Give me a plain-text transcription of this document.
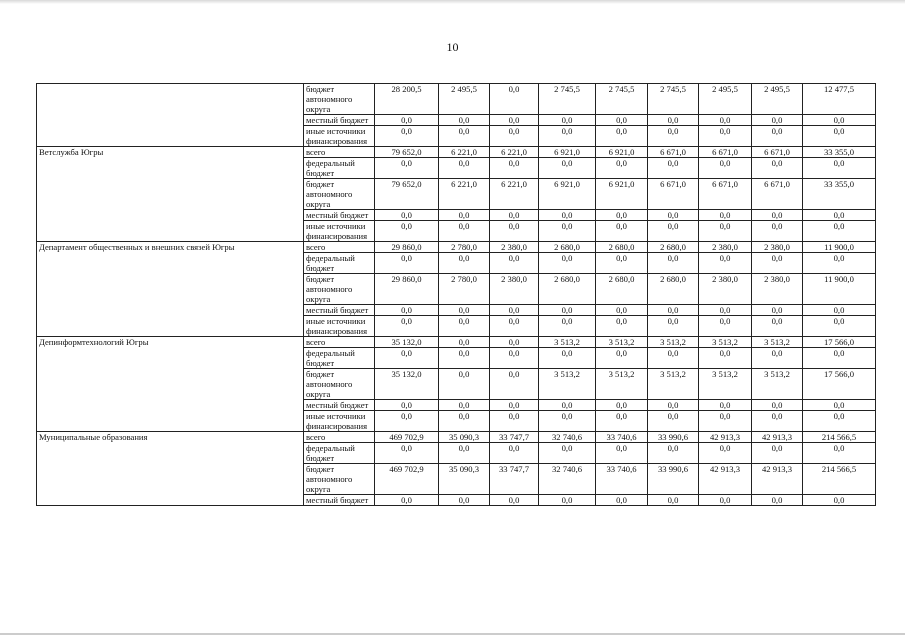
10
	бюджет автономного округа	28 200,5	2 495,5	0,0	2 745,5	2 745,5	2 745,5	2 495,5	2 495,5	12 477,5
	местный бюджет	0,0	0,0	0,0	0,0	0,0	0,0	0,0	0,0	0,0
	иные источники финансирования	0,0	0,0	0,0	0,0	0,0	0,0	0,0	0,0	0,0
Ветслужба Югры	всего	79 652,0	6 221,0	6 221,0	6 921,0	6 921,0	6 671,0	6 671,0	6 671,0	33 355,0
	федеральный бюджет	0,0	0,0	0,0	0,0	0,0	0,0	0,0	0,0	0,0
	бюджет автономного округа	79 652,0	6 221,0	6 221,0	6 921,0	6 921,0	6 671,0	6 671,0	6 671,0	33 355,0
	местный бюджет	0,0	0,0	0,0	0,0	0,0	0,0	0,0	0,0	0,0
	иные источники финансирования	0,0	0,0	0,0	0,0	0,0	0,0	0,0	0,0	0,0
Департамент общественных и внешних связей Югры	всего	29 860,0	2 780,0	2 380,0	2 680,0	2 680,0	2 680,0	2 380,0	2 380,0	11 900,0
	федеральный бюджет	0,0	0,0	0,0	0,0	0,0	0,0	0,0	0,0	0,0
	бюджет автономного округа	29 860,0	2 780,0	2 380,0	2 680,0	2 680,0	2 680,0	2 380,0	2 380,0	11 900,0
	местный бюджет	0,0	0,0	0,0	0,0	0,0	0,0	0,0	0,0	0,0
	иные источники финансирования	0,0	0,0	0,0	0,0	0,0	0,0	0,0	0,0	0,0
Депинформтехнологий Югры	всего	35 132,0	0,0	0,0	3 513,2	3 513,2	3 513,2	3 513,2	3 513,2	17 566,0
	федеральный бюджет	0,0	0,0	0,0	0,0	0,0	0,0	0,0	0,0	0,0
	бюджет автономного округа	35 132,0	0,0	0,0	3 513,2	3 513,2	3 513,2	3 513,2	3 513,2	17 566,0
	местный бюджет	0,0	0,0	0,0	0,0	0,0	0,0	0,0	0,0	0,0
	иные источники финансирования	0,0	0,0	0,0	0,0	0,0	0,0	0,0	0,0	0,0
Муниципальные образования	всего	469 702,9	35 090,3	33 747,7	32 740,6	33 740,6	33 990,6	42 913,3	42 913,3	214 566,5
	федеральный бюджет	0,0	0,0	0,0	0,0	0,0	0,0	0,0	0,0	0,0
	бюджет автономного округа	469 702,9	35 090,3	33 747,7	32 740,6	33 740,6	33 990,6	42 913,3	42 913,3	214 566,5
	местный бюджет	0,0	0,0	0,0	0,0	0,0	0,0	0,0	0,0	0,0
